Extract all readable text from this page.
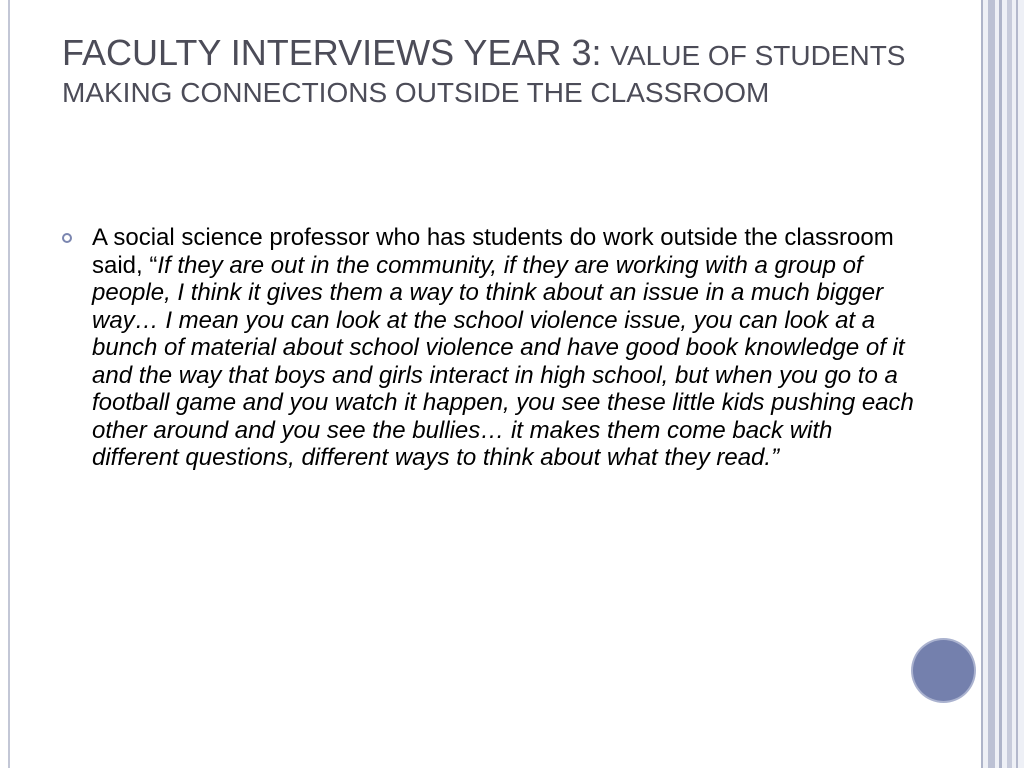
FACULTY INTERVIEWS YEAR 3: VALUE OF STUDENTS MAKING CONNECTIONS OUTSIDE THE CLASSROOM
A social science professor who has students do work outside the classroom said, “If they are out in the community, if they are working with a group of people, I think it gives them a way to think about an issue in a much bigger way… I mean you can look at the school violence issue, you can look at a bunch of material about school violence and have good book knowledge of it and the way that boys and girls interact in high school, but when you go to a football game and you watch it happen, you see these little kids pushing each other around and you see the bullies… it makes them come back with different questions, different ways to think about what they read.”
